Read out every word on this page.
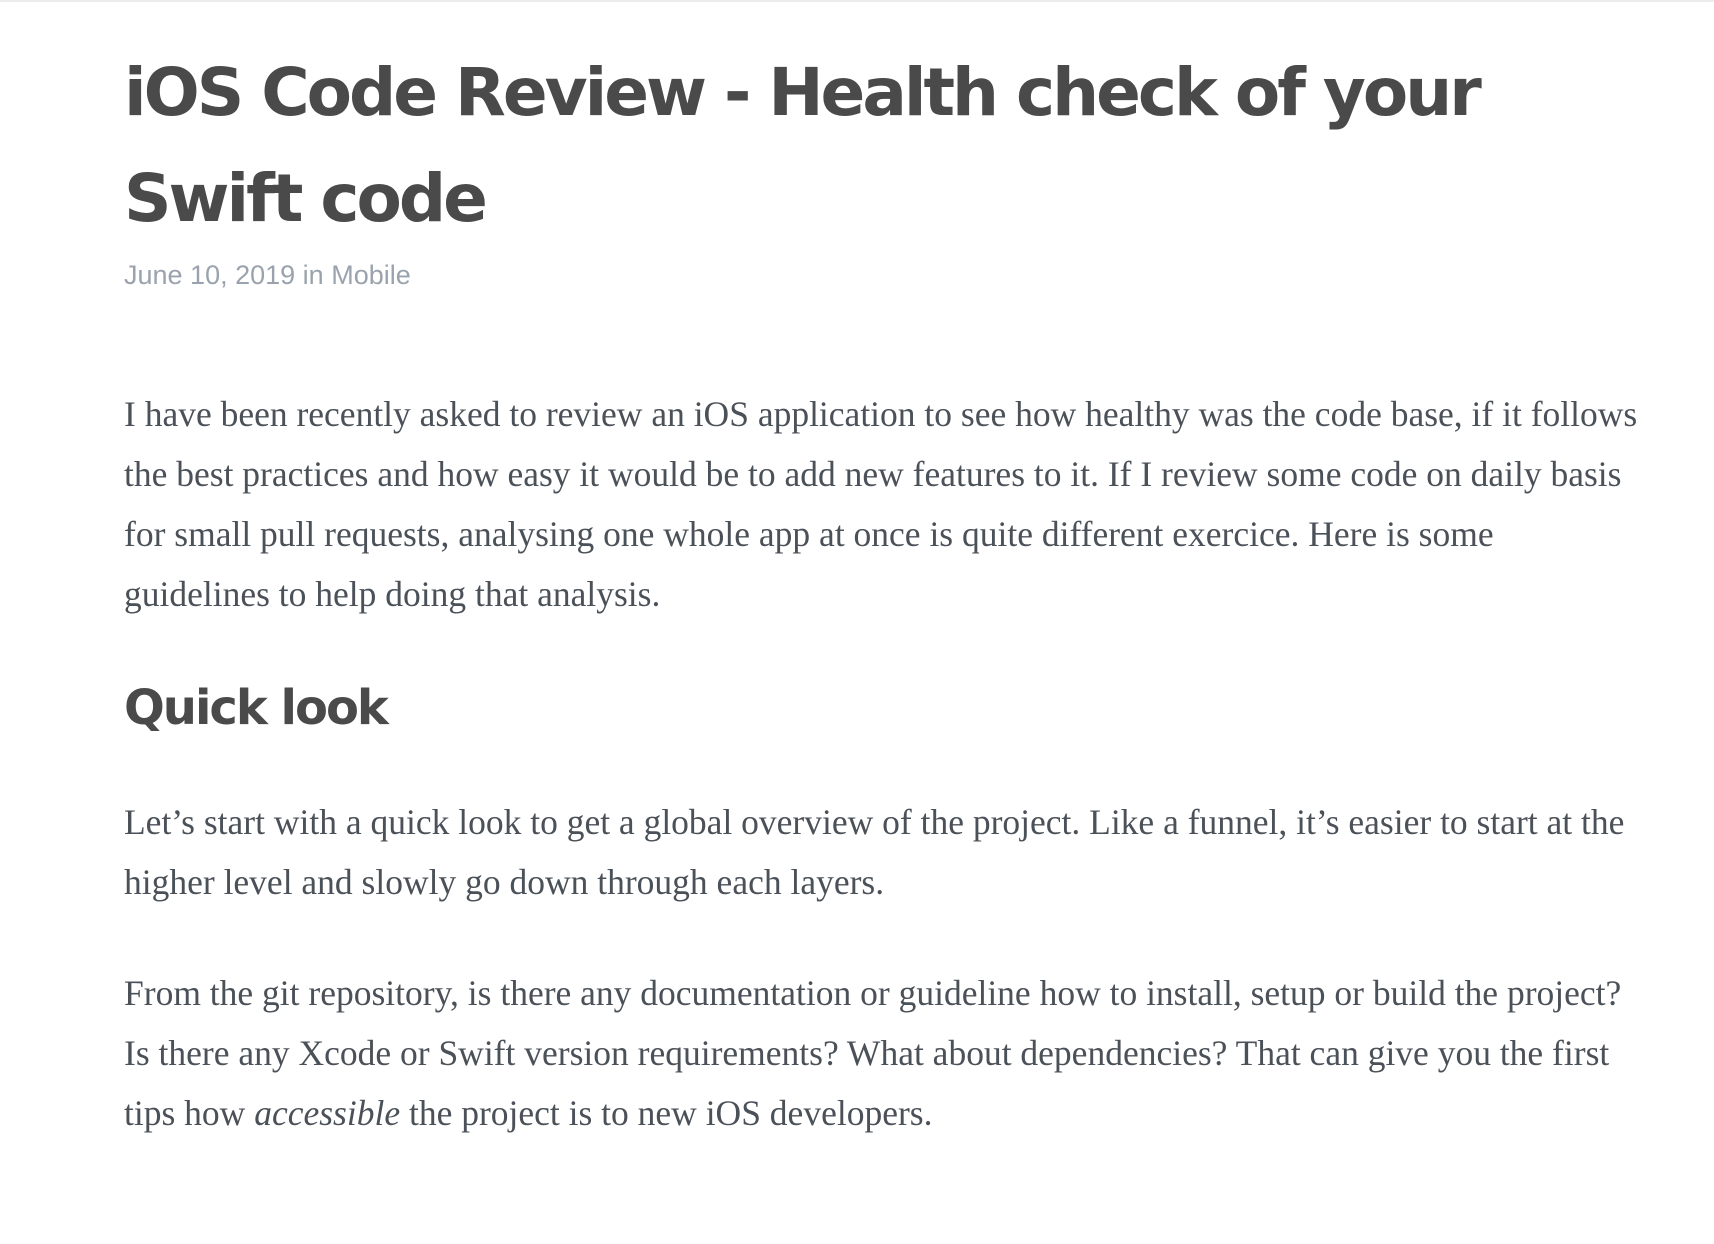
iOS Code Review - Health check of your Swift code
June 10, 2019 in Mobile

I have been recently asked to review an iOS application to see how healthy was the code base, if it follows the best practices and how easy it would be to add new features to it. If I review some code on daily basis for small pull requests, analysing one whole app at once is quite different exercice. Here is some guidelines to help doing that analysis.

Quick look

Let’s start with a quick look to get a global overview of the project. Like a funnel, it’s easier to start at the higher level and slowly go down through each layers.

From the git repository, is there any documentation or guideline how to install, setup or build the project? Is there any Xcode or Swift version requirements? What about dependencies? That can give you the first tips how accessible the project is to new iOS developers.
